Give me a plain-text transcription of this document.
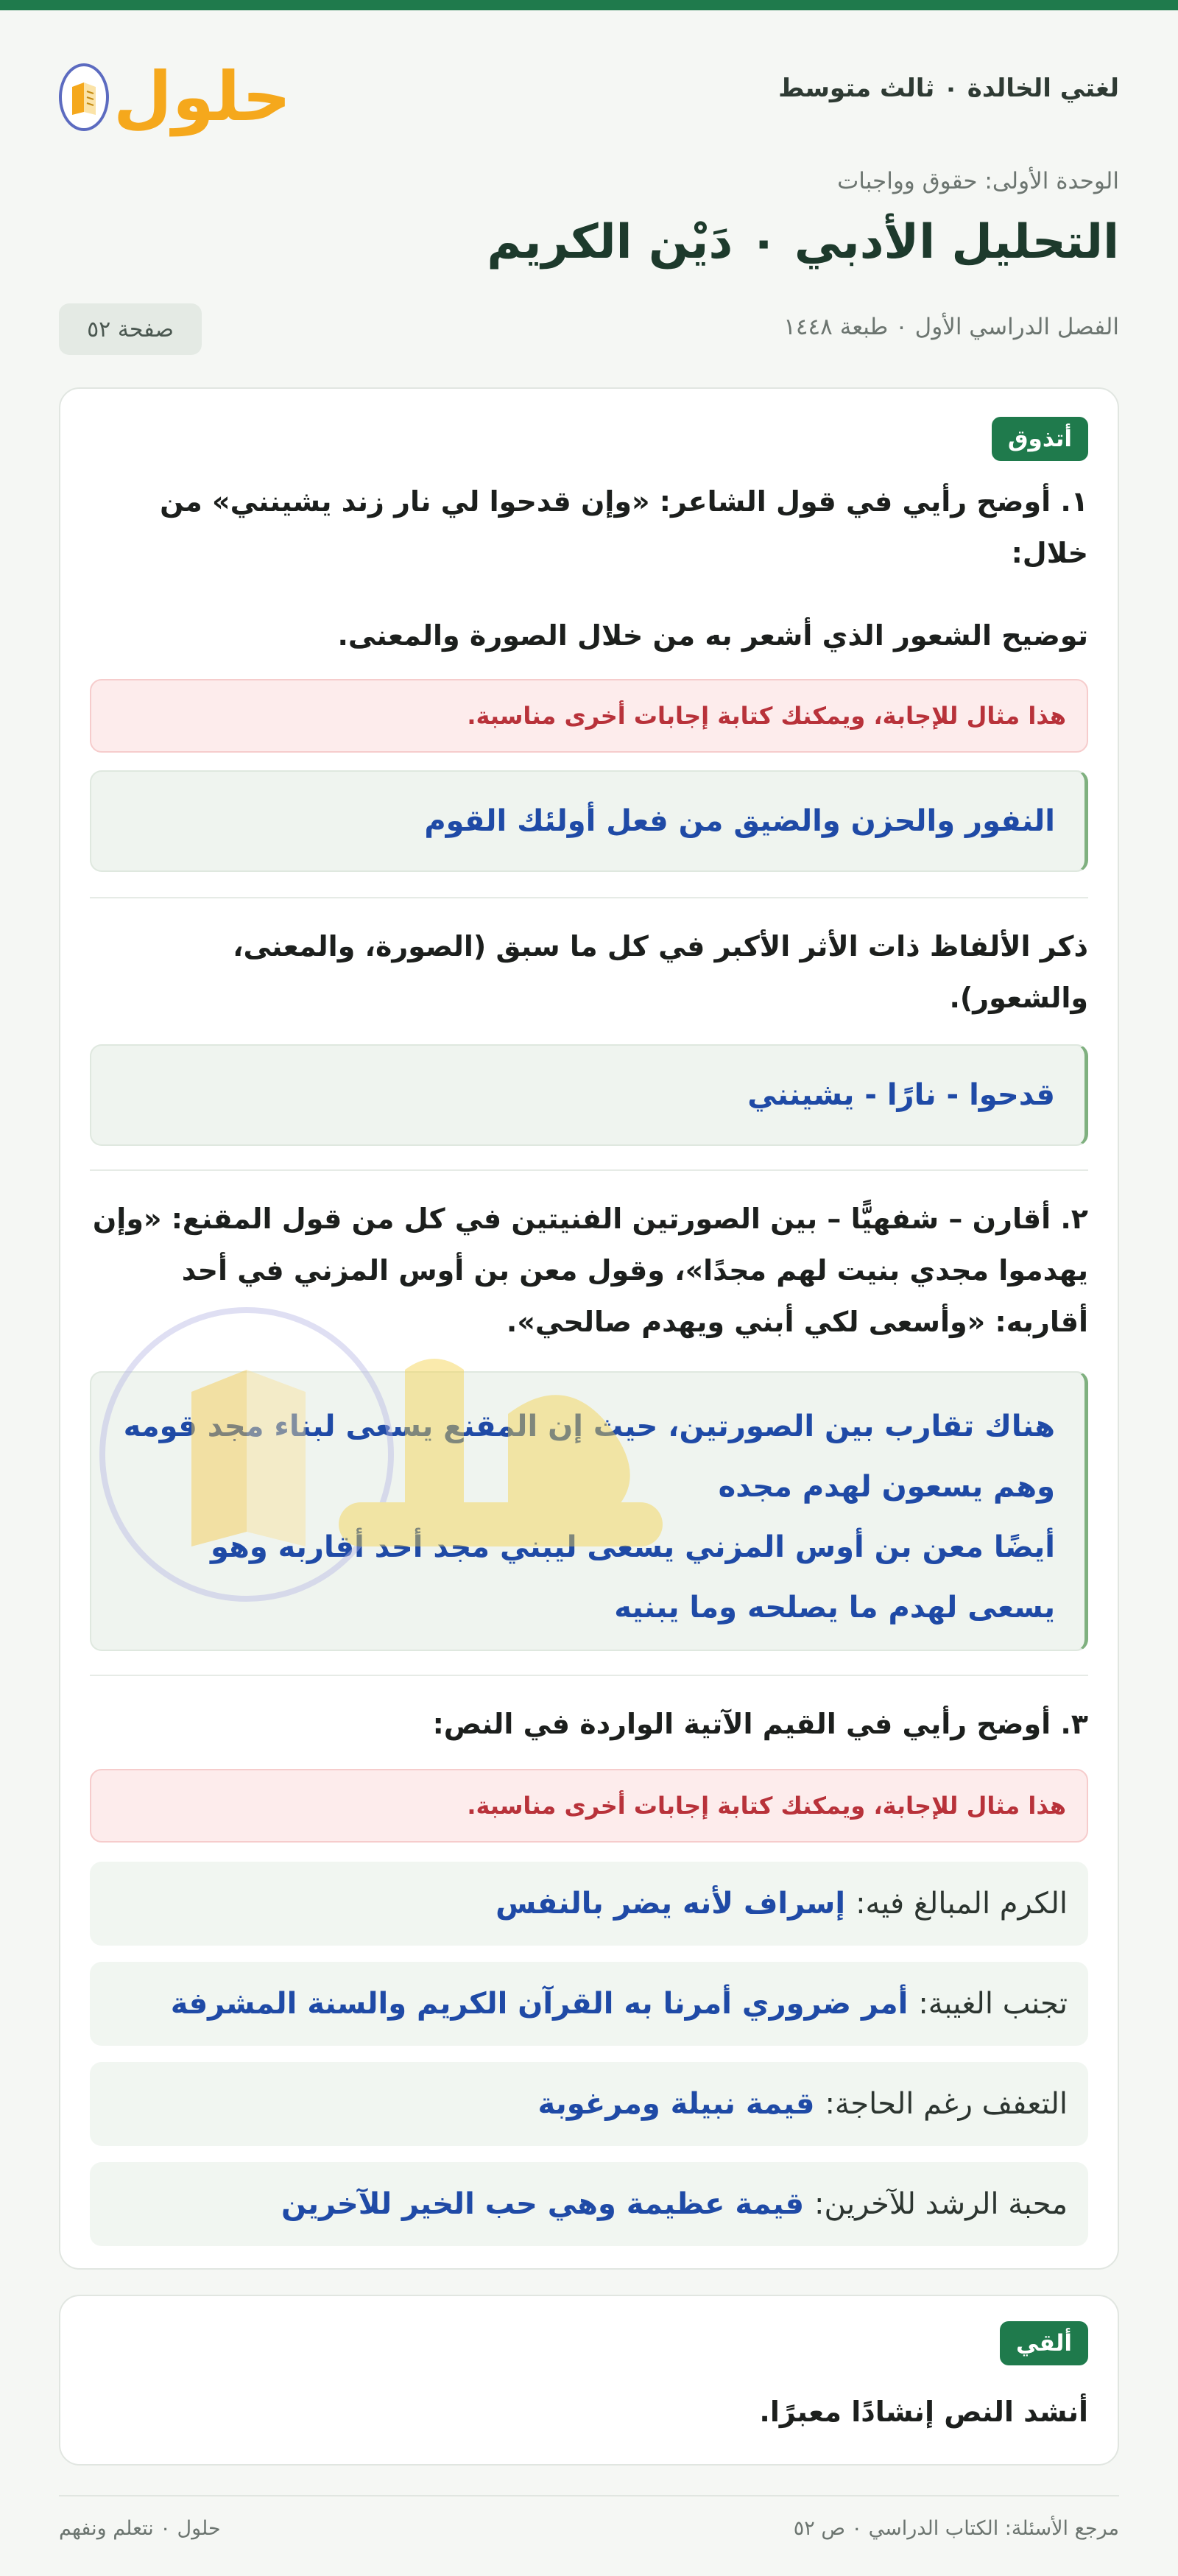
حلول	لغتي الخالدة ٠ ثالث متوسط
الوحدة الأولى: حقوق وواجبات
التحليل الأدبي ٠ دَيْن الكريم
الفصل الدراسي الأول ٠ طبعة ١٤٤٨
صفحة ٥٢
أتذوق
١. أوضح رأيي في قول الشاعر: «وإن قدحوا لي نار زند يشينني» من خلال:
توضيح الشعور الذي أشعر به من خلال الصورة والمعنى.
هذا مثال للإجابة، ويمكنك كتابة إجابات أخرى مناسبة.
النفور والحزن والضيق من فعل أولئك القوم
ذكر الألفاظ ذات الأثر الأكبر في كل ما سبق (الصورة، والمعنى، والشعور).
قدحوا - نارًا - يشينني
٢. أقارن – شفهيًّا – بين الصورتين الفنيتين في كل من قول المقنع: «وإن يهدموا مجدي بنيت لهم مجدًا»، وقول معن بن أوس المزني في أحد أقاربه: «وأسعى لكي أبني ويهدم صالحي».
هناك تقارب بين الصورتين، حيث إن المقنع يسعى لبناء مجد قومه وهم يسعون لهدم مجده
أيضًا معن بن أوس المزني يسعى ليبني مجد أحد أقاربه وهو يسعى لهدم ما يصلحه وما يبنيه
٣. أوضح رأيي في القيم الآتية الواردة في النص:
هذا مثال للإجابة، ويمكنك كتابة إجابات أخرى مناسبة.
الكرم المبالغ فيه:
إسراف لأنه يضر بالنفس
تجنب الغيبة:
أمر ضروري أمرنا به القرآن الكريم والسنة المشرفة
التعفف رغم الحاجة:
قيمة نبيلة ومرغوبة
محبة الرشد للآخرين:
قيمة عظيمة وهي حب الخير للآخرين
ألقي
أنشد النص إنشادًا معبرًا.
مرجع الأسئلة: الكتاب الدراسي ٠ ص ٥٢
حلول ٠ نتعلم ونفهم
